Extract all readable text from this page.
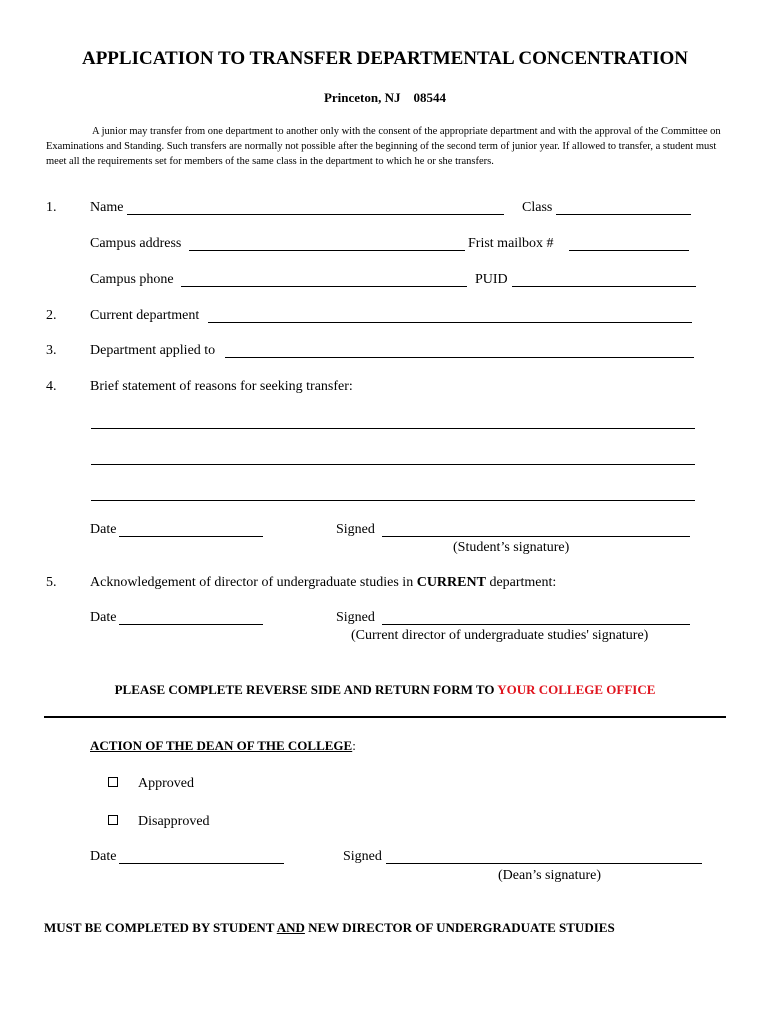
APPLICATION TO TRANSFER DEPARTMENTAL CONCENTRATION
Princeton, NJ    08544
A junior may transfer from one department to another only with the consent of the appropriate department and with the approval of the Committee on Examinations and Standing. Such transfers are normally not possible after the beginning of the second term of junior year. If allowed to transfer, a student must meet all the requirements set for members of the same class in the department to which he or she transfers.
1. Name	Class
Campus address	Frist mailbox #
Campus phone	PUID
2. Current department
3. Department applied to
4. Brief statement of reasons for seeking transfer:
Date	Signed
(Student’s signature)
5. Acknowledgement of director of undergraduate studies in CURRENT department:
Date	Signed
(Current director of undergraduate studies' signature)
PLEASE COMPLETE REVERSE SIDE AND RETURN FORM TO YOUR COLLEGE OFFICE
ACTION OF THE DEAN OF THE COLLEGE:
Approved
Disapproved
Date	Signed
(Dean’s signature)
MUST BE COMPLETED BY STUDENT AND NEW DIRECTOR OF UNDERGRADUATE STUDIES
